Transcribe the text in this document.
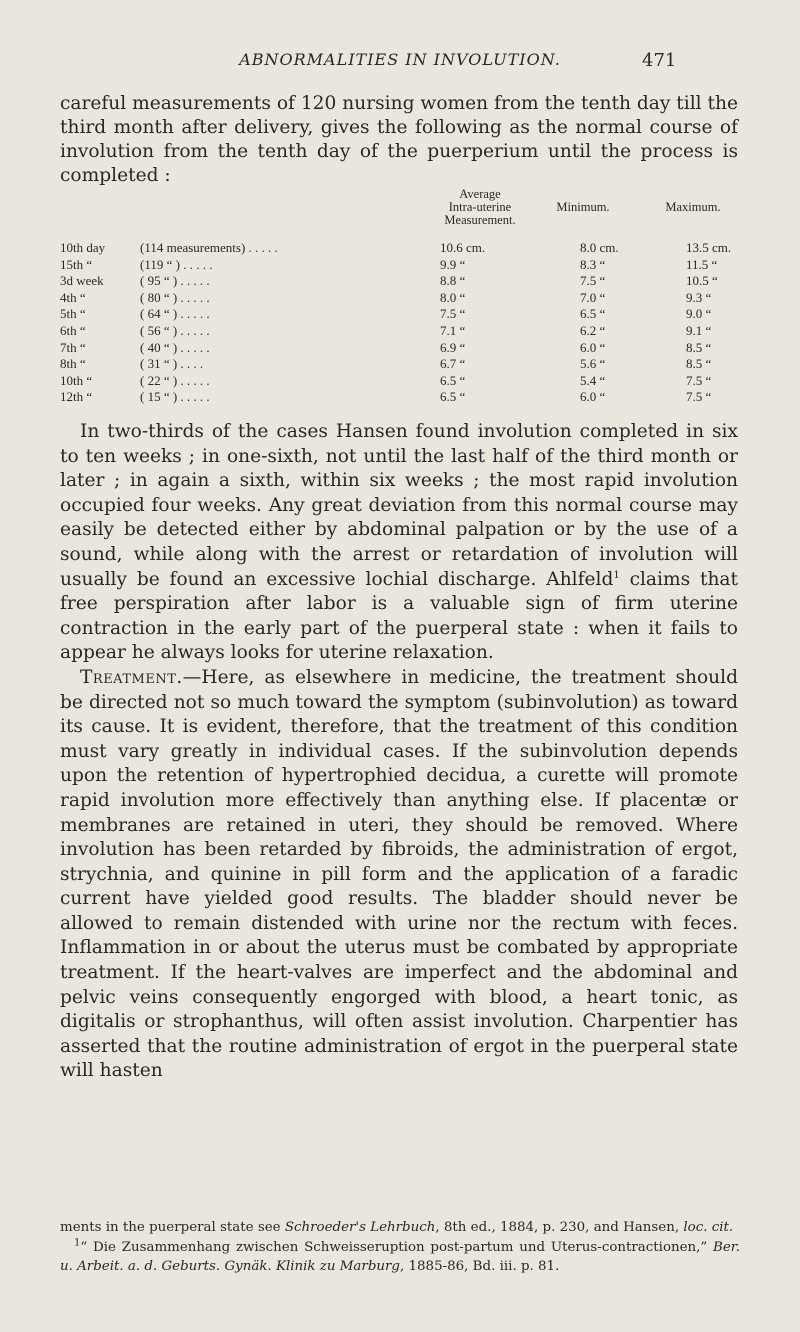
ABNORMALITIES IN INVOLUTION.	471
careful measurements of 120 nursing women from the tenth day till the third month after delivery, gives the following as the normal course of involution from the tenth day of the puerperium until the process is completed :
Average
Intra-uterine
Measurement.
Minimum.	Maximum.
10th day	(114 measurements) . . . . .	10.6 cm.	8.0 cm.	13.5 cm.
15th “	(119 “ ) . . . . .	9.9 “	8.3 “	11.5 “
3d week	( 95 “ ) . . . . .	8.8 “	7.5 “	10.5 “
4th “	( 80 “ ) . . . . .	8.0 “	7.0 “	9.3 “
5th “	( 64 “ ) . . . . .	7.5 “	6.5 “	9.0 “
6th “	( 56 “ ) . . . . .	7.1 “	6.2 “	9.1 “
7th “	( 40 “ ) . . . . .	6.9 “	6.0 “	8.5 “
8th “	( 31 “ ) . . . .	6.7 “	5.6 “	8.5 “
10th “	( 22 “ ) . . . . .	6.5 “	5.4 “	7.5 “
12th “	( 15 “ ) . . . . .	6.5 “	6.0 “	7.5 “

In two-thirds of the cases Hansen found involution completed in six to ten weeks ; in one-sixth, not until the last half of the third month or later ; in again a sixth, within six weeks ; the most rapid involution occupied four weeks. Any great deviation from this normal course may easily be detected either by abdominal palpation or by the use of a sound, while along with the arrest or retardation of involution will usually be found an excessive lochial discharge. Ahlfeld$^1$ claims that free perspiration after labor is a valuable sign of firm uterine contraction in the early part of the puerperal state : when it fails to appear he always looks for uterine relaxation.

Treatment.—Here, as elsewhere in medicine, the treatment should be directed not so much toward the symptom (subinvolution) as toward its cause. It is evident, therefore, that the treatment of this condition must vary greatly in individual cases. If the subinvolution depends upon the retention of hypertrophied decidua, a curette will promote rapid involution more effectively than anything else. If placentæ or membranes are retained in uteri, they should be removed. Where involution has been retarded by fibroids, the administration of ergot, strychnia, and quinine in pill form and the application of a faradic current have yielded good results. The bladder should never be allowed to remain distended with urine nor the rectum with feces. Inflammation in or about the uterus must be combated by appropriate treatment. If the heart-valves are imperfect and the abdominal and pelvic veins consequently engorged with blood, a heart tonic, as digitalis or strophanthus, will often assist involution. Charpentier has asserted that the routine administration of ergot in the puerperal state will hasten

ments in the puerperal state see Schroeder's Lehrbuch, 8th ed., 1884, p. 230, and Hansen, loc. cit.

$^1$“ Die Zusammenhang zwischen Schweisseruption post-partum und Uterus-contractionen,” Ber. u. Arbeit. a. d. Geburts. Gynäk. Klinik zu Marburg, 1885-86, Bd. iii. p. 81.
